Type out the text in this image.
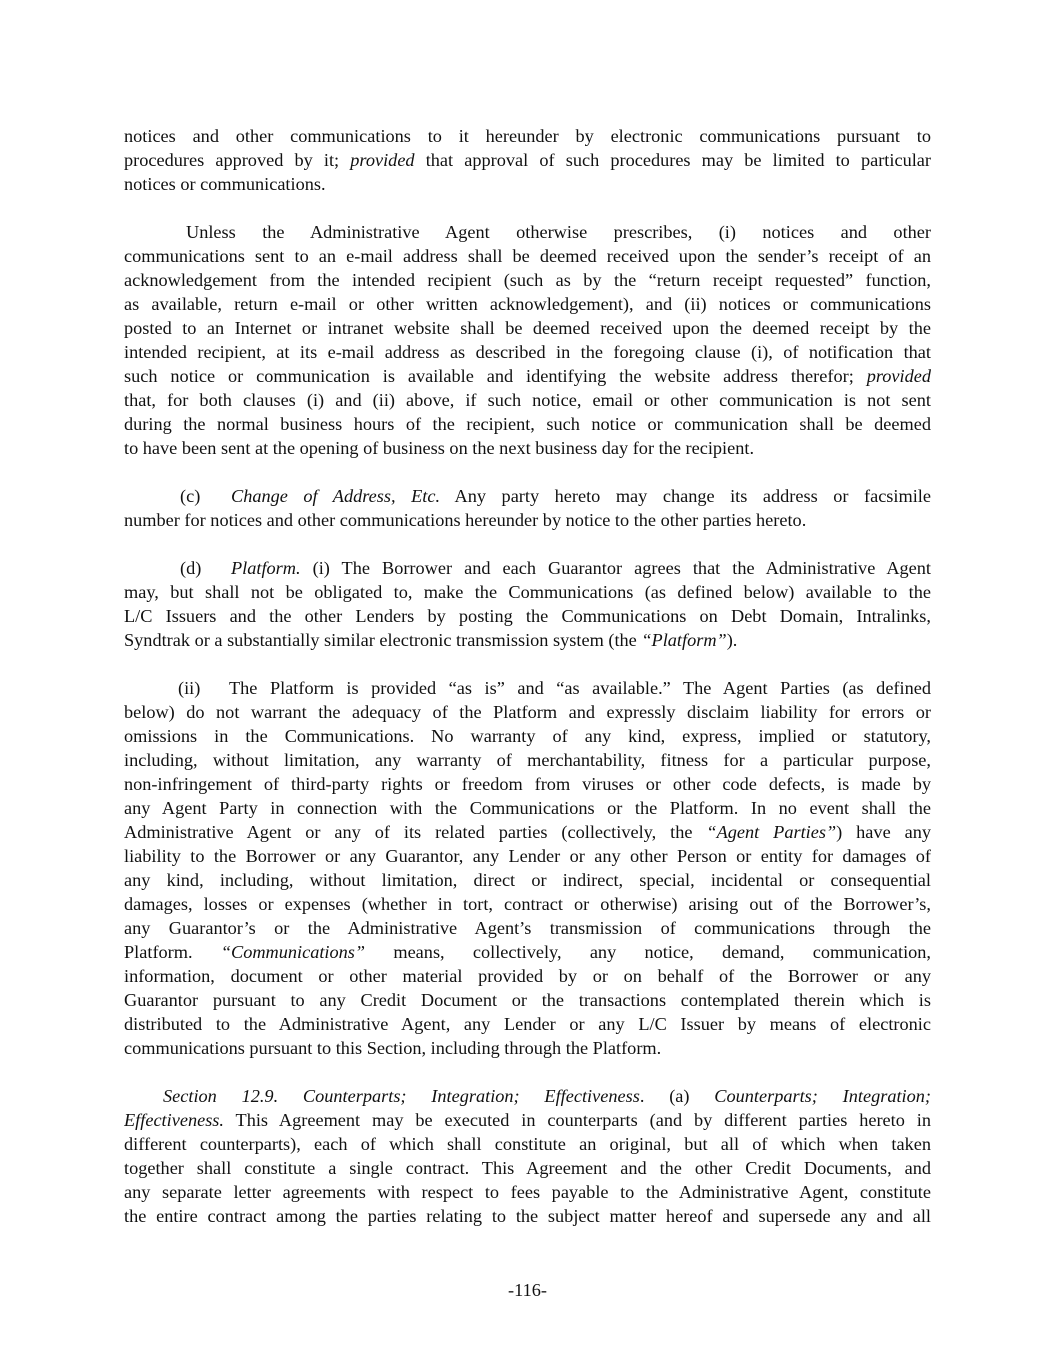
notices and other communications to it hereunder by electronic communications pursuant to
procedures approved by it; provided that approval of such procedures may be limited to particular
notices or communications.
Unless the Administrative Agent otherwise prescribes, (i) notices and other
communications sent to an e-mail address shall be deemed received upon the sender’s receipt of an
acknowledgement from the intended recipient (such as by the “return receipt requested” function,
as available, return e-mail or other written acknowledgement), and (ii) notices or communications
posted to an Internet or intranet website shall be deemed received upon the deemed receipt by the
intended recipient, at its e-mail address as described in the foregoing clause (i), of notification that
such notice or communication is available and identifying the website address therefor; provided
that, for both clauses (i) and (ii) above, if such notice, email or other communication is not sent
during the normal business hours of the recipient, such notice or communication shall be deemed
to have been sent at the opening of business on the next business day for the recipient.
(c) Change of Address, Etc. Any party hereto may change its address or facsimile
number for notices and other communications hereunder by notice to the other parties hereto.
(d) Platform. (i) The Borrower and each Guarantor agrees that the Administrative Agent
may, but shall not be obligated to, make the Communications (as defined below) available to the
L/C Issuers and the other Lenders by posting the Communications on Debt Domain, Intralinks,
Syndtrak or a substantially similar electronic transmission system (the “Platform”).
(ii) The Platform is provided “as is” and “as available.” The Agent Parties (as defined
below) do not warrant the adequacy of the Platform and expressly disclaim liability for errors or
omissions in the Communications. No warranty of any kind, express, implied or statutory,
including, without limitation, any warranty of merchantability, fitness for a particular purpose,
non-infringement of third-party rights or freedom from viruses or other code defects, is made by
any Agent Party in connection with the Communications or the Platform. In no event shall the
Administrative Agent or any of its related parties (collectively, the “Agent Parties”) have any
liability to the Borrower or any Guarantor, any Lender or any other Person or entity for damages of
any kind, including, without limitation, direct or indirect, special, incidental or consequential
damages, losses or expenses (whether in tort, contract or otherwise) arising out of the Borrower’s,
any Guarantor’s or the Administrative Agent’s transmission of communications through the
Platform. “Communications” means, collectively, any notice, demand, communication,
information, document or other material provided by or on behalf of the Borrower or any
Guarantor pursuant to any Credit Document or the transactions contemplated therein which is
distributed to the Administrative Agent, any Lender or any L/C Issuer by means of electronic
communications pursuant to this Section, including through the Platform.
Section 12.9. Counterparts; Integration; Effectiveness. (a) Counterparts; Integration;
Effectiveness. This Agreement may be executed in counterparts (and by different parties hereto in
different counterparts), each of which shall constitute an original, but all of which when taken
together shall constitute a single contract. This Agreement and the other Credit Documents, and
any separate letter agreements with respect to fees payable to the Administrative Agent, constitute
the entire contract among the parties relating to the subject matter hereof and supersede any and all
-116-
